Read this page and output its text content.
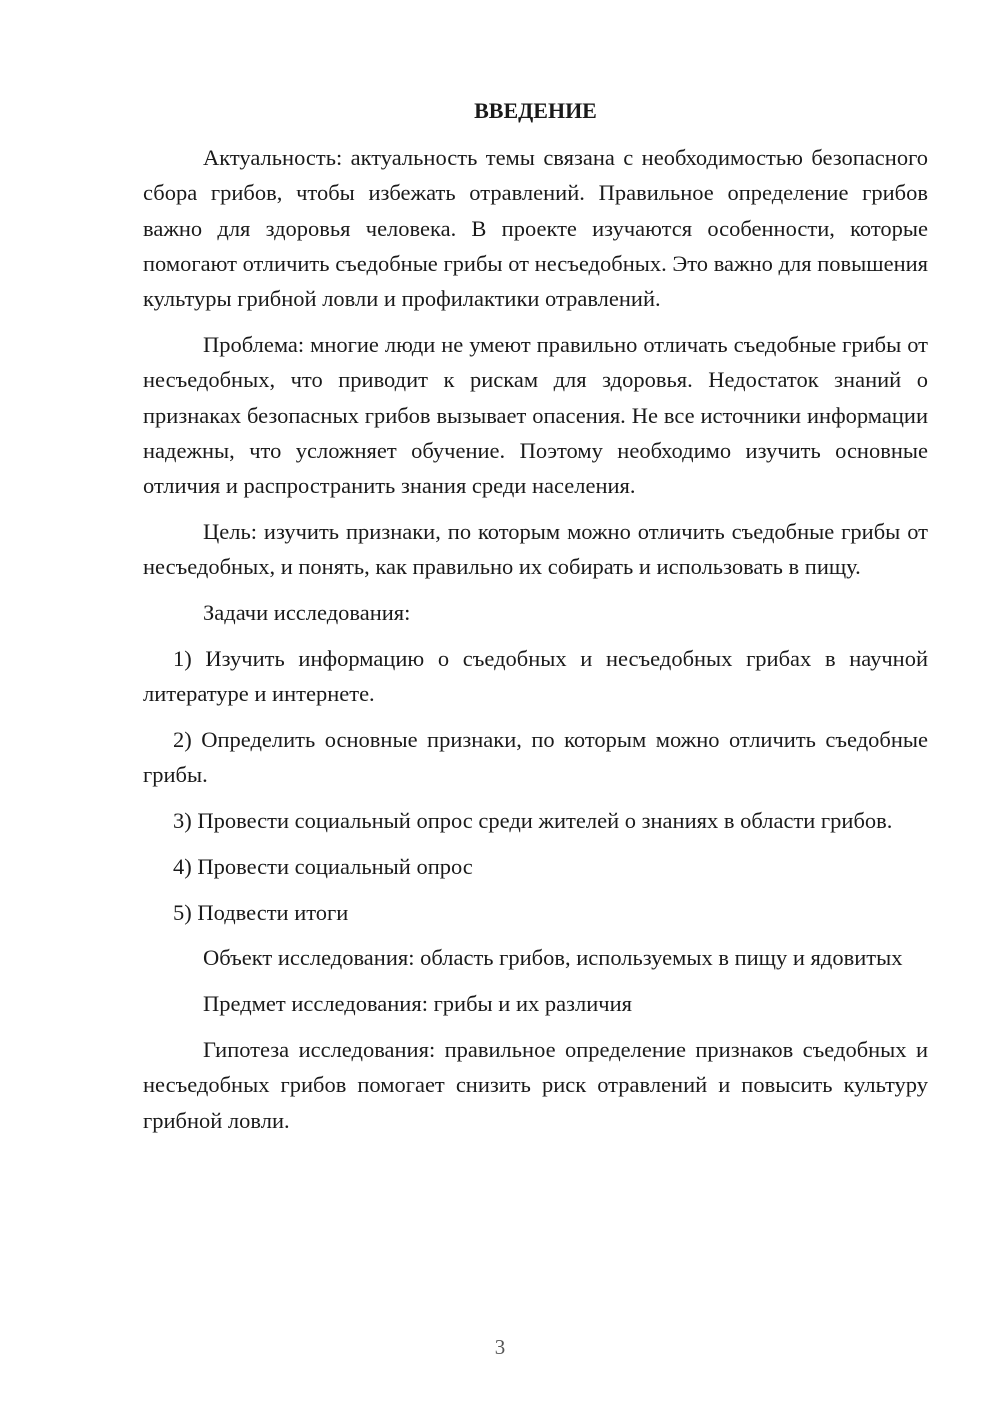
ВВЕДЕНИЕ

Актуальность: актуальность темы связана с необходимостью безопасного сбора грибов, чтобы избежать отравлений. Правильное определение грибов важно для здоровья человека. В проекте изучаются особенности, которые помогают отличить съедобные грибы от несъедобных. Это важно для повышения культуры грибной ловли и профилактики отравлений.

Проблема: многие люди не умеют правильно отличать съедобные грибы от несъедобных, что приводит к рискам для здоровья. Недостаток знаний о признаках безопасных грибов вызывает опасения. Не все источники информации надежны, что усложняет обучение. Поэтому необходимо изучить основные отличия и распространить знания среди населения.

Цель: изучить признаки, по которым можно отличить съедобные грибы от несъедобных, и понять, как правильно их собирать и использовать в пищу.

Задачи исследования:

1) Изучить информацию о съедобных и несъедобных грибах в научной литературе и интернете.

2) Определить основные признаки, по которым можно отличить съедобные грибы.

3) Провести социальный опрос среди жителей о знаниях в области грибов.

4) Провести социальный опрос

5) Подвести итоги

Объект исследования: область грибов, используемых в пищу и ядовитых

Предмет исследования: грибы и их различия

Гипотеза исследования: правильное определение признаков съедобных и несъедобных грибов помогает снизить риск отравлений и повысить культуру грибной ловли.

3
